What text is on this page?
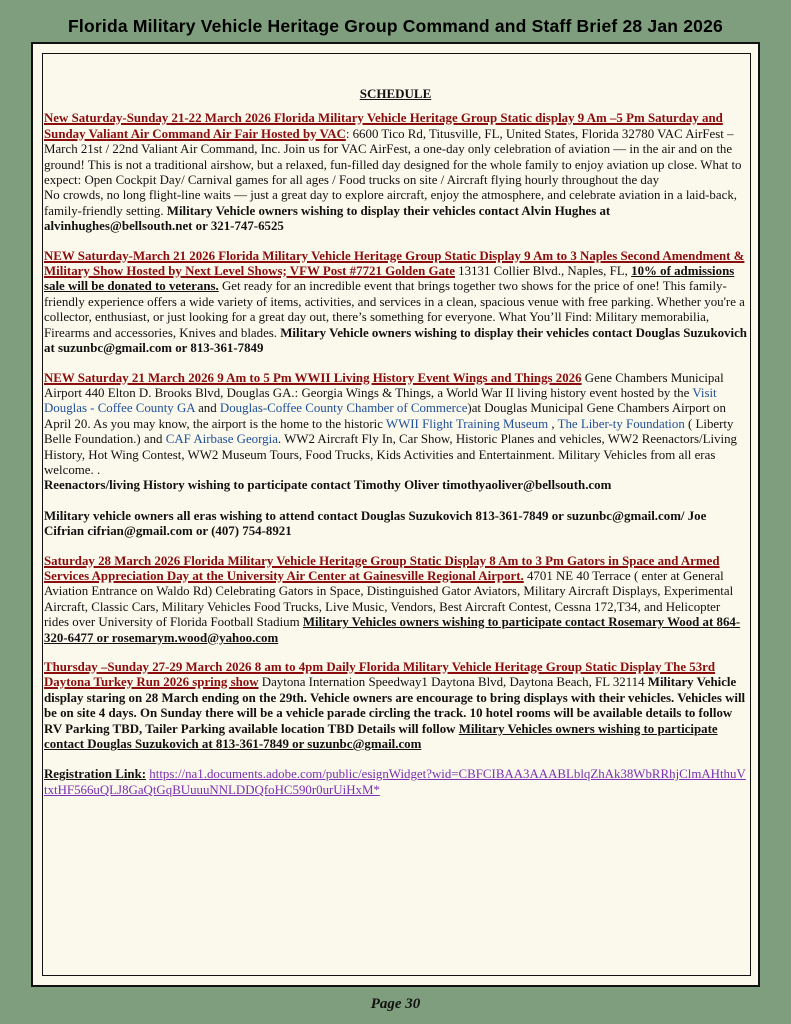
Florida Military Vehicle Heritage Group Command and Staff Brief 28 Jan 2026
SCHEDULE

New Saturday-Sunday 21-22 March 2026 Florida Military Vehicle Heritage Group Static display 9 Am –5 Pm Saturday and Sunday Valiant Air Command Air Fair Hosted by VAC: 6600 Tico Rd, Titusville, FL, United States, Florida 32780 VAC AirFest – March 21st / 22nd Valiant Air Command, Inc. Join us for VAC AirFest, a one-day only celebration of aviation — in the air and on the ground! This is not a traditional airshow, but a relaxed, fun-filled day designed for the whole family to enjoy aviation up close. What to expect: Open Cockpit Day/ Carnival games for all ages / Food trucks on site / Aircraft flying hourly throughout the day

No crowds, no long flight-line waits — just a great day to explore aircraft, enjoy the atmosphere, and celebrate aviation in a laid-back, family-friendly setting. Military Vehicle owners wishing to display their vehicles contact Alvin Hughes at alvinhughes@bellsouth.net or 321-747-6525

NEW Saturday-March 21 2026 Florida Military Vehicle Heritage Group Static Display 9 Am to 3 Naples Second Amendment & Military Show Hosted by Next Level Shows; VFW Post #7721 Golden Gate 13131 Collier Blvd., Naples, FL, 10% of admissions sale will be donated to veterans. Get ready for an incredible event that brings together two shows for the price of one! This family-friendly experience offers a wide variety of items, activities, and services in a clean, spacious venue with free parking. Whether you're a collector, enthusiast, or just looking for a great day out, there’s something for everyone. What You’ll Find: Military memorabilia, Firearms and accessories, Knives and blades. Military Vehicle owners wishing to display their vehicles contact Douglas Suzukovich at suzunbc@gmail.com or 813-361-7849

NEW Saturday 21 March 2026 9 Am to 5 Pm WWII Living History Event Wings and Things 2026 Gene Chambers Municipal Airport 440 Elton D. Brooks Blvd, Douglas GA.: Georgia Wings & Things, a World War II living history event hosted by the Visit Douglas - Coffee County GA and Douglas-Coffee County Chamber of Commerce)at Douglas Municipal Gene Chambers Airport on April 20. As you may know, the airport is the home to the historic WWII Flight Training Museum , The Liber-ty Foundation ( Liberty Belle Foundation.) and CAF Airbase Georgia. WW2 Aircraft Fly In, Car Show, Historic Planes and vehicles, WW2 Reenactors/Living History, Hot Wing Contest, WW2 Museum Tours, Food Trucks, Kids Activities and Entertainment. Military Vehicles from all eras welcome. .

Reenactors/living History wishing to participate contact Timothy Oliver timothyaoliver@bellsouth.com

Military vehicle owners all eras wishing to attend contact Douglas Suzukovich 813-361-7849 or suzunbc@gmail.com/ Joe Cifrian cifrian@gmail.com or (407) 754-8921

Saturday 28 March 2026 Florida Military Vehicle Heritage Group Static Display 8 Am to 3 Pm Gators in Space and Armed Services Appreciation Day at the University Air Center at Gainesville Regional Airport. 4701 NE 40 Terrace ( enter at General Aviation Entrance on Waldo Rd) Celebrating Gators in Space, Distinguished Gator Aviators, Military Aircraft Displays, Experimental Aircraft, Classic Cars, Military Vehicles Food Trucks, Live Music, Vendors, Best Aircraft Contest, Cessna 172,T34, and Helicopter rides over University of Florida Football Stadium Military Vehicles owners wishing to participate contact Rosemary Wood at 864-320-6477 or rosemarym.wood@yahoo.com

Thursday –Sunday 27-29 March 2026 8 am to 4pm Daily Florida Military Vehicle Heritage Group Static Display The 53rd Daytona Turkey Run 2026 spring show Daytona Internation Speedway1 Daytona Blvd, Daytona Beach, FL 32114 Military Vehicle display staring on 28 March ending on the 29th. Vehicle owners are encourage to bring displays with their vehicles. Vehicles will be on site 4 days. On Sunday there will be a vehicle parade circling the track. 10 hotel rooms will be available details to follow RV Parking TBD, Tailer Parking available location TBD Details will follow Military Vehicles owners wishing to participate contact Douglas Suzukovich at 813-361-7849 or suzunbc@gmail.com

Registration Link: https://na1.documents.adobe.com/public/esignWidget?wid=CBFCIBAA3AAABLblqZhAk38WbRRhjClmAHthuVtxtHF566uQLJ8GaQtGqBUuuuNNLDDQfoHC590r0urUiHxM*

Page 30
